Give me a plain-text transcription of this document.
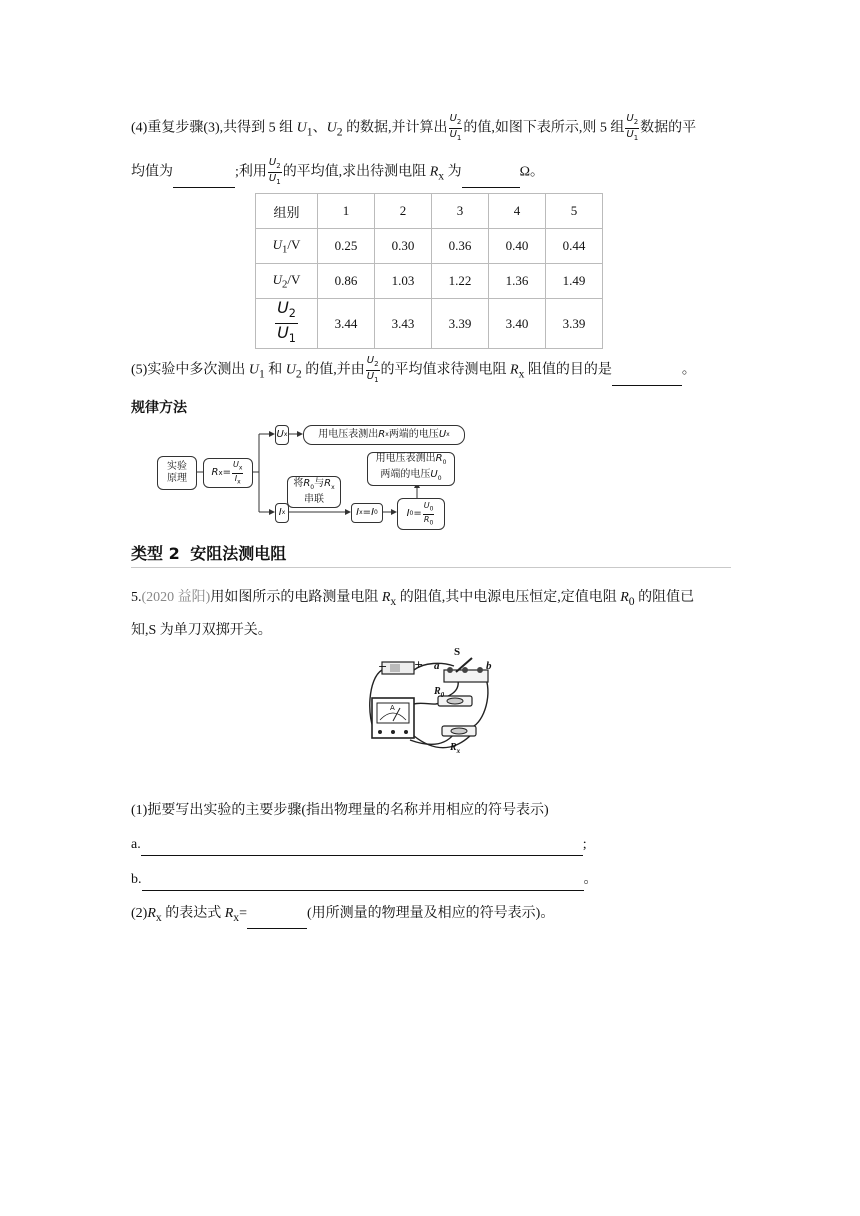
(4)重复步骤(3),共得到 5 组 $U_1$、$U_2$ 的数据,并计算出 $\frac{U_2}{U_1}$ 的值,如图下表所示,则 5 组 $\frac{U_2}{U_1}$ 数据的平
均值为	;利用 $\frac{U_2}{U_1}$ 的平均值,求出待测电阻 $R_x$ 为	Ω。
组别	1	2	3	4	5
$U_1/V$	0.25	0.30	0.36	0.40	0.44
$U_2/V$	0.86	1.03	1.22	1.36	1.49

$\frac{U_2}{U_1}$	3.44	3.43	3.39	3.40	3.39
(5)实验中多次测出 $U_1$ 和 $U_2$ 的值,并由 $\frac{U_2}{U_1}$ 的平均值求待测电阻 $R_x$ 阻值的目的是	。
规律方法
实验原理
R $x = \frac{U_x}{I_x}$
U x	用电压表测出 R x 两端的电压 U x
I x
将$R_0$与$R_x$
串联
I x = I 0	I $0 = \frac{U_0}{R_0}$
用电压表测出$R_0$
两端的电压$U_0$
类型 2 安阻法测电阻
5.(2020 益阳)用如图所示的电路测量电阻 $R_x$ 的阻值,其中电源电压恒定,定值电阻 $R_0$ 的阻值已
知,S 为单刀双掷开关。
− +
S
a	b
$R_0$
$R_x$
A
(1)扼要写出实验的主要步骤(指出物理量的名称并用相应的符号表示)
a.	;
b.	。
$(2)R_x$ 的表达式 $R_x=$	(用所测量的物理量及相应的符号表示)。
